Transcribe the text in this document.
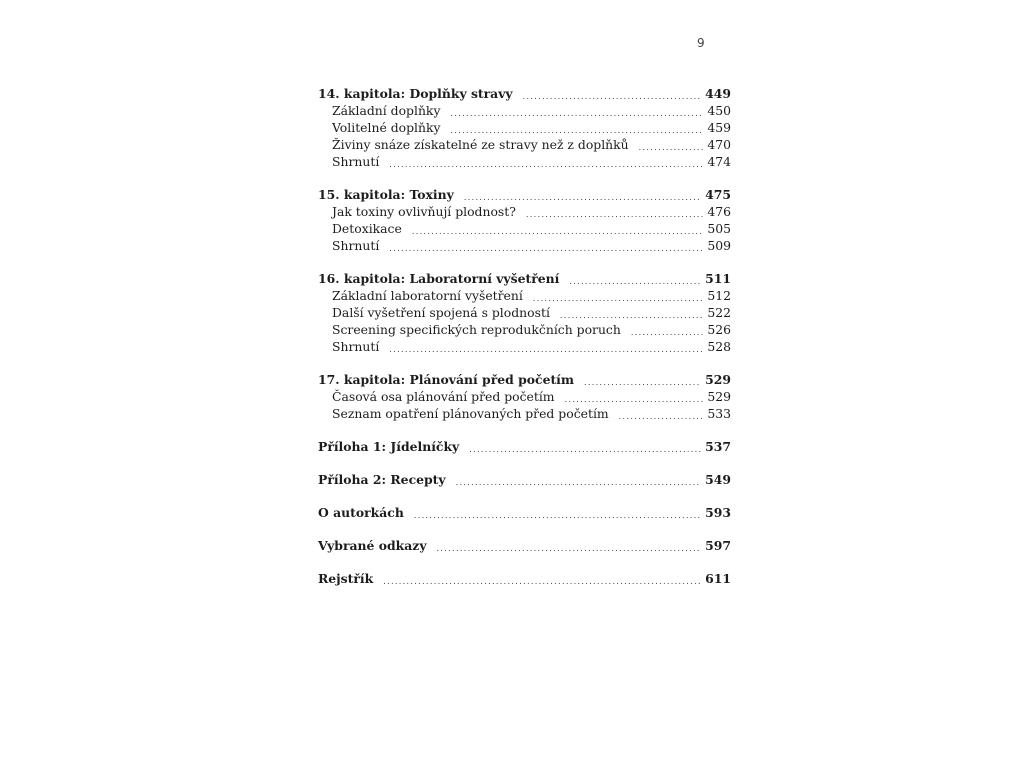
9
14. kapitola: Doplňky stravy . . .	449
Základní doplňky . . .	450
Volitelné doplňky . . .	459
Živiny snáze získatelné ze stravy než z doplňků . . .	470
Shrnutí . . .	474
15. kapitola: Toxiny . . .	475
Jak toxiny ovlivňují plodnost? . . .	476
Detoxikace . . .	505
Shrnutí . . .	509
16. kapitola: Laboratorní vyšetření . . .	511
Základní laboratorní vyšetření . . .	512
Další vyšetření spojená s plodností . . .	522
Screening specifických reprodukčních poruch . . .	526
Shrnutí . . .	528
17. kapitola: Plánování před početím . . .	529
Časová osa plánování před početím . . .	529
Seznam opatření plánovaných před početím . . .	533
Příloha 1: Jídelníčky . . .	537
Příloha 2: Recepty . . .	549
O autorkách . . .	593
Vybrané odkazy . . .	597
Rejstřík . . .	611
